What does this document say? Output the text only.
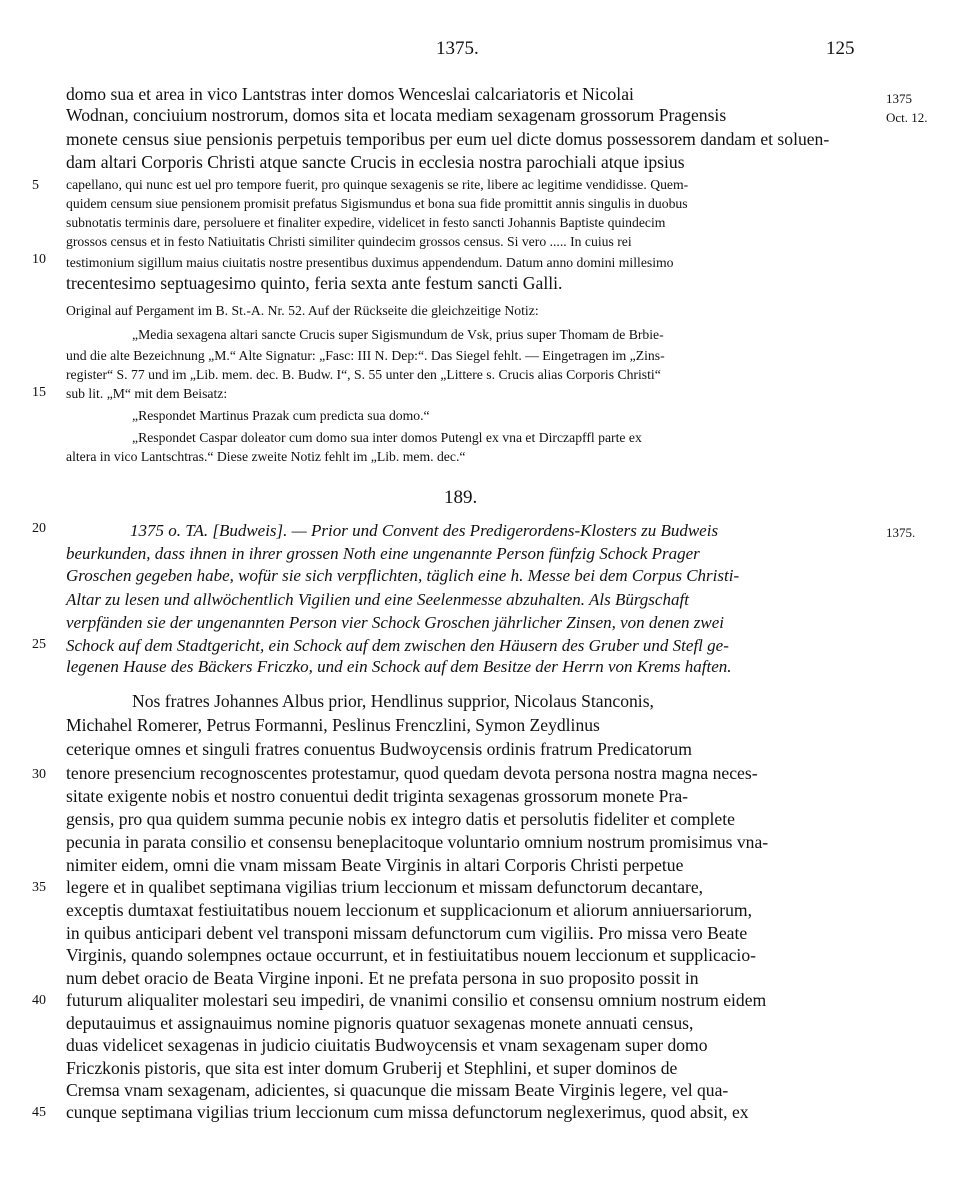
1375.	125
1375
Oct. 12.
1375.
5
10
15
20
25
30
35
40
45
domo sua et area in vico Lantstras inter domos Wenceslai calcariatoris et Nicolai
Wodnan, conciuium nostrorum, domos sita et locata mediam sexagenam grossorum Pragensis
monete census siue pensionis perpetuis temporibus per eum uel dicte domus possessorem dandam et soluen-
dam altari Corporis Christi atque sancte Crucis in ecclesia nostra parochiali atque ipsius
capellano, qui nunc est uel pro tempore fuerit, pro quinque sexagenis se rite, libere ac legitime vendidisse. Quem-
quidem censum siue pensionem promisit prefatus Sigismundus et bona sua fide promittit annis singulis in duobus
subnotatis terminis dare, persoluere et finaliter expedire, videlicet in festo sancti Johannis Baptiste quindecim
grossos census et in festo Natiuitatis Christi similiter quindecim grossos census. Si vero ..... In cuius rei
testimonium sigillum maius ciuitatis nostre presentibus duximus appendendum. Datum anno domini millesimo
trecentesimo septuagesimo quinto, feria sexta ante festum sancti Galli.
Original auf Pergament im B. St.-A. Nr. 52. Auf der Rückseite die gleichzeitige Notiz:
„Media sexagena altari sancte Crucis super Sigismundum de Vsk, prius super Thomam de Brbie-
und die alte Bezeichnung „M.“ Alte Signatur: „Fasc: III N. Dep:“. Das Siegel fehlt. — Eingetragen im „Zins-
register“ S. 77 und im „Lib. mem. dec. B. Budw. I“, S. 55 unter den „Littere s. Crucis alias Corporis Christi“
sub lit. „M“ mit dem Beisatz:
„Respondet Martinus Prazak cum predicta sua domo.“
„Respondet Caspar doleator cum domo sua inter domos Putengl ex vna et Dirczapffl parte ex
altera in vico Lantschtras.“ Diese zweite Notiz fehlt im „Lib. mem. dec.“
189.
1375 o. TA. [Budweis]. — Prior und Convent des Predigerordens-Klosters zu Budweis
beurkunden, dass ihnen in ihrer grossen Noth eine ungenannte Person fünfzig Schock Prager
Groschen gegeben habe, wofür sie sich verpflichten, täglich eine h. Messe bei dem Corpus Christi-
Altar zu lesen und allwöchentlich Vigilien und eine Seelenmesse abzuhalten. Als Bürgschaft
verpfänden sie der ungenannten Person vier Schock Groschen jährlicher Zinsen, von denen zwei
Schock auf dem Stadtgericht, ein Schock auf dem zwischen den Häusern des Gruber und Stefl ge-
legenen Hause des Bäckers Friczko, und ein Schock auf dem Besitze der Herrn von Krems haften.
Nos fratres Johannes Albus prior, Hendlinus supprior, Nicolaus Stanconis,
Michahel Romerer, Petrus Formanni, Peslinus Frenczlini, Symon Zeydlinus
ceterique omnes et singuli fratres conuentus Budwoycensis ordinis fratrum Predicatorum
tenore presencium recognoscentes protestamur, quod quedam devota persona nostra magna neces-
sitate exigente nobis et nostro conuentui dedit triginta sexagenas grossorum monete Pra-
gensis, pro qua quidem summa pecunie nobis ex integro datis et persolutis fideliter et complete
pecunia in parata consilio et consensu beneplacitoque voluntario omnium nostrum promisimus vna-
nimiter eidem, omni die vnam missam Beate Virginis in altari Corporis Christi perpetue
legere et in qualibet septimana vigilias trium leccionum et missam defunctorum decantare,
exceptis dumtaxat festiuitatibus nouem leccionum et supplicacionum et aliorum anniuersariorum,
in quibus anticipari debent vel transponi missam defunctorum cum vigiliis. Pro missa vero Beate
Virginis, quando solempnes octaue occurrunt, et in festiuitatibus nouem leccionum et supplicacio-
num debet oracio de Beata Virgine inponi. Et ne prefata persona in suo proposito possit in
futurum aliqualiter molestari seu impediri, de vnanimi consilio et consensu omnium nostrum eidem
deputauimus et assignauimus nomine pignoris quatuor sexagenas monete annuati census,
duas videlicet sexagenas in judicio ciuitatis Budwoycensis et vnam sexagenam super domo
Friczkonis pistoris, que sita est inter domum Gruberij et Stephlini, et super dominos de
Cremsa vnam sexagenam, adicientes, si quacunque die missam Beate Virginis legere, vel qua-
cunque septimana vigilias trium leccionum cum missa defunctorum neglexerimus, quod absit, ex
